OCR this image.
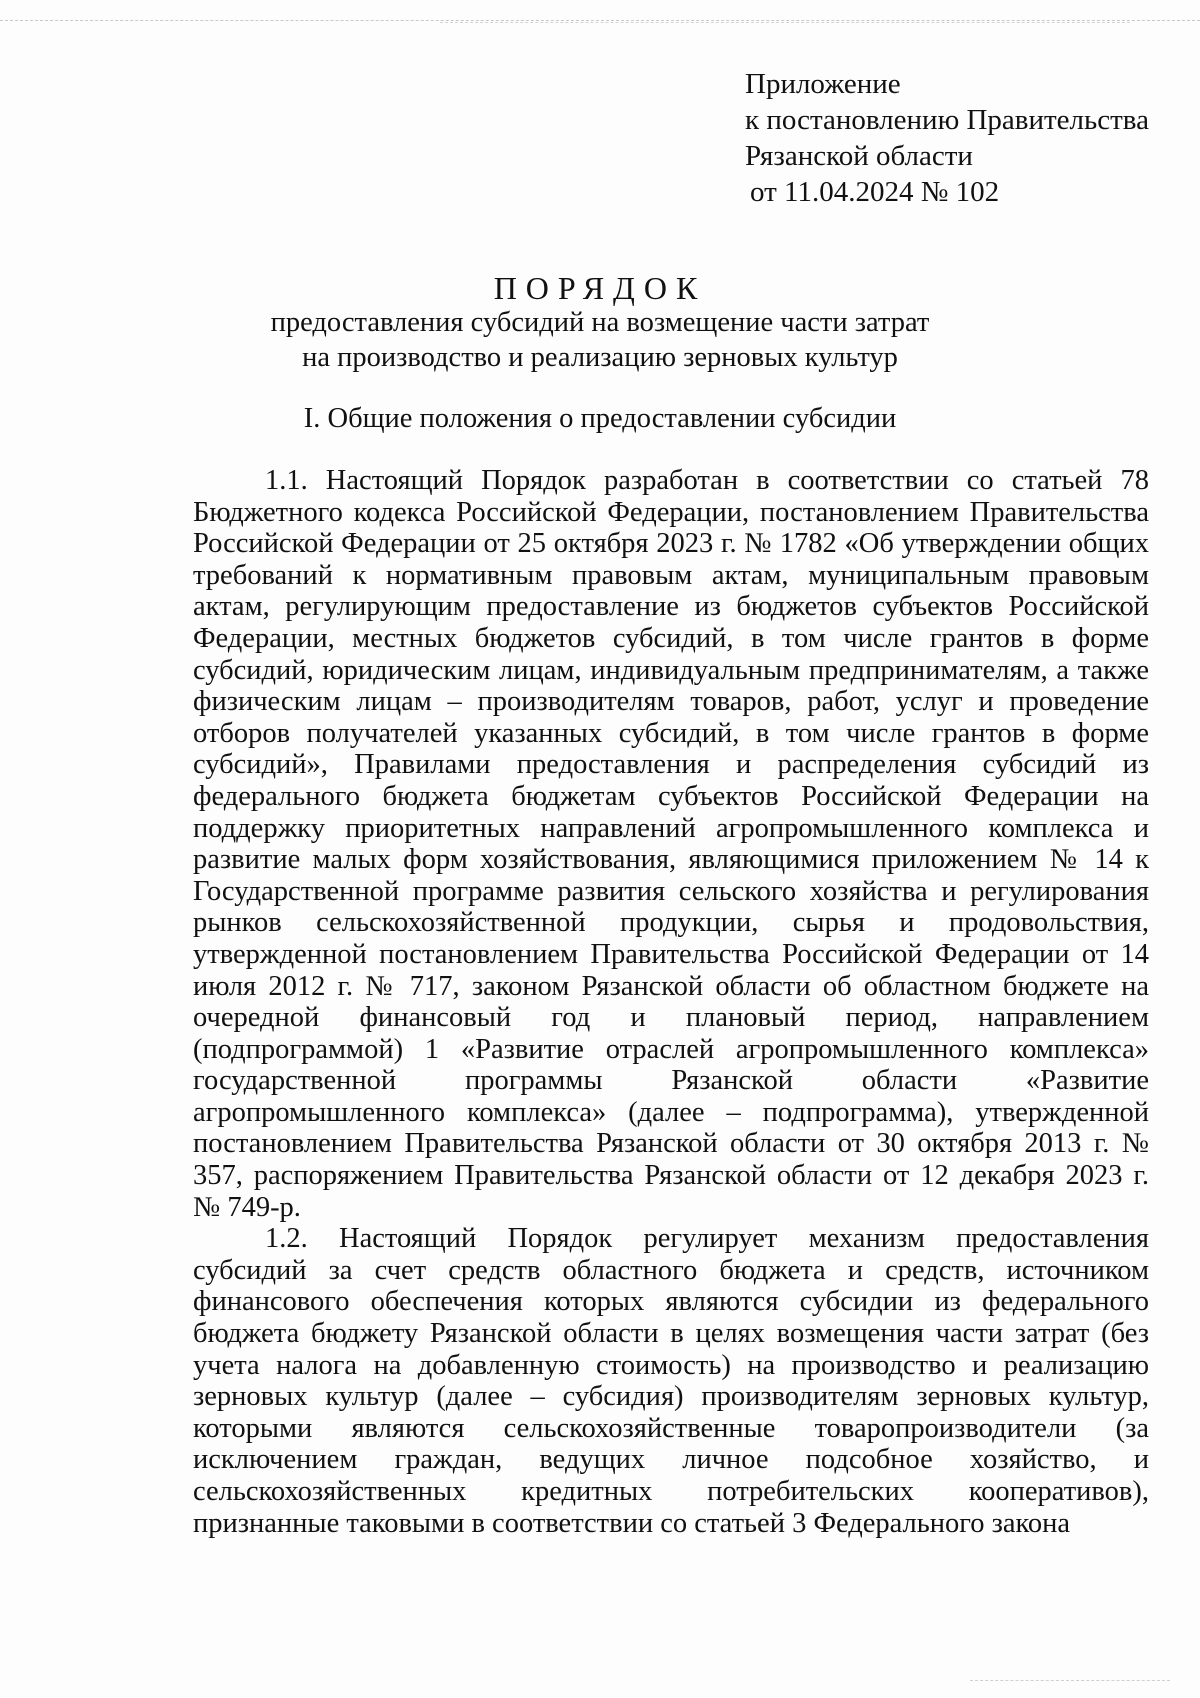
Приложение
к постановлению Правительства
Рязанской области
от 11.04.2024 № 102
ПОРЯДОК
предоставления субсидий на возмещение части затрат
на производство и реализацию зерновых культур
I. Общие положения о предоставлении субсидии

1.1. Настоящий Порядок разработан в соответствии со статьей 78 Бюджетного кодекса Российской Федерации, постановлением Правительства Российской Федерации от 25 октября 2023 г. № 1782 «Об утверждении общих требований к нормативным правовым актам, муниципальным правовым актам, регулирующим предоставление из бюджетов субъектов Российской Федерации, местных бюджетов субсидий, в том числе грантов в форме субсидий, юридическим лицам, индивидуальным предпринимателям, а также физическим лицам – производителям товаров, работ, услуг и проведение отборов получателей указанных субсидий, в том числе грантов в форме субсидий», Правилами предоставления и распределения субсидий из федерального бюджета бюджетам субъектов Российской Федерации на поддержку приоритетных направлений агропромышленного комплекса и развитие малых форм хозяйствования, являющимися приложением № 14 к Государственной программе развития сельского хозяйства и регулирования рынков сельскохозяйственной продукции, сырья и продовольствия, утвержденной постановлением Правительства Российской Федерации от 14 июля 2012 г. № 717, законом Рязанской области об областном бюджете на очередной финансовый год и плановый период, направлением (подпрограммой) 1 «Развитие отраслей агропромышленного комплекса» государственной программы Рязанской области «Развитие агропромышленного комплекса» (далее – подпрограмма), утвержденной постановлением Правительства Рязанской области от 30 октября 2013 г. № 357, распоряжением Правительства Рязанской области от 12 декабря 2023 г. № 749-р.

1.2. Настоящий Порядок регулирует механизм предоставления субсидий за счет средств областного бюджета и средств, источником финансового обеспечения которых являются субсидии из федерального бюджета бюджету Рязанской области в целях возмещения части затрат (без учета налога на добавленную стоимость) на производство и реализацию зерновых культур (далее – субсидия) производителям зерновых культур, которыми являются сельскохозяйственные товаропроизводители (за исключением граждан, ведущих личное подсобное хозяйство, и сельскохозяйственных кредитных потребительских кооперативов), признанные таковыми в соответствии со статьей 3 Федерального закона
